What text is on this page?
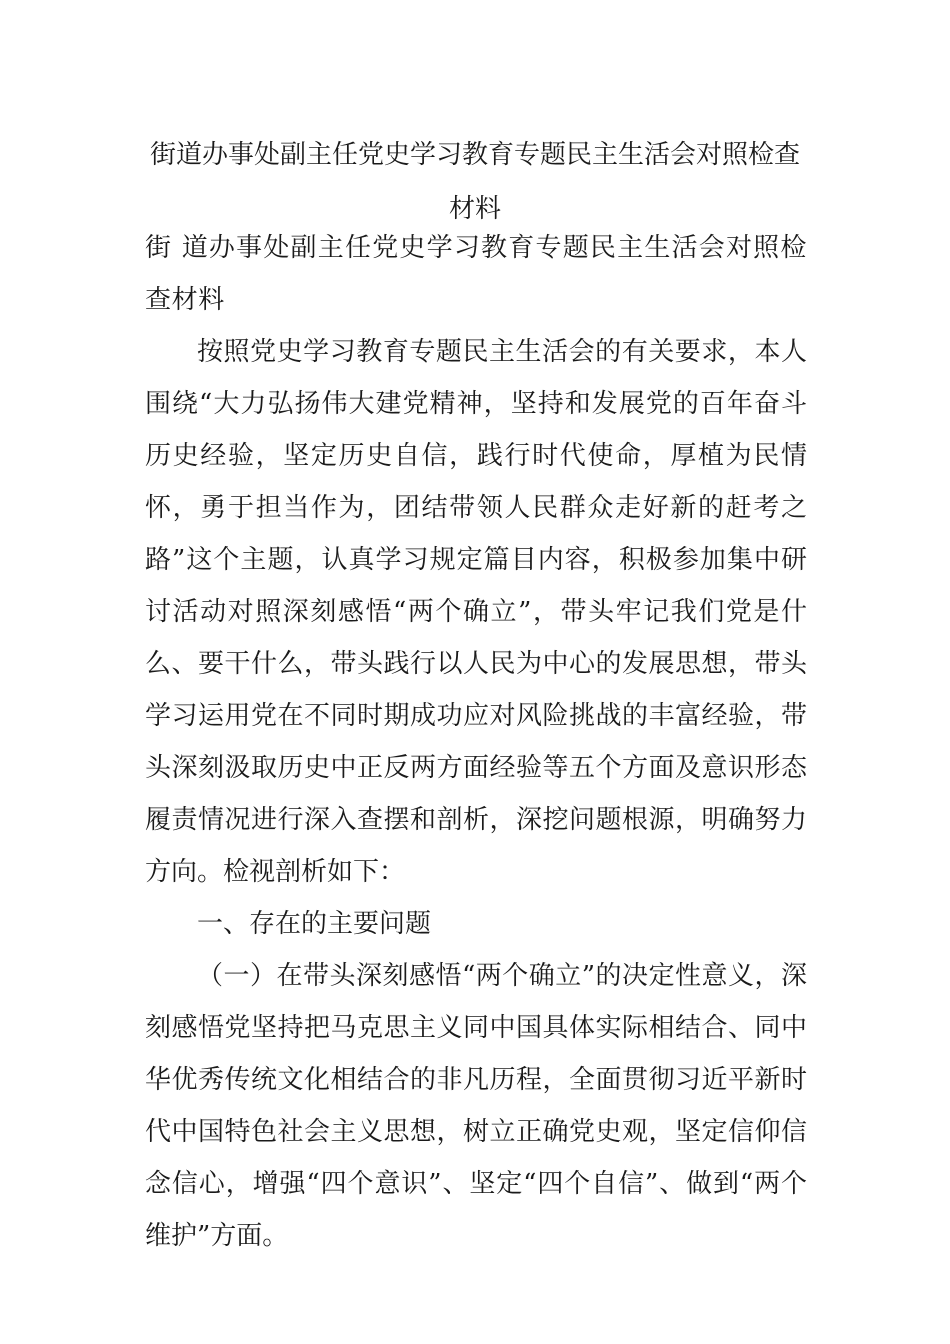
街道办事处副主任党史学习教育专题民主生活会对照检查
材料

街 道办事处副主任党史学习教育专题民主生活会对照检查材料

按照党史学习教育专题民主生活会的有关要求，本人围绕“大力弘扬伟大建党精神，坚持和发展党的百年奋斗历史经验，坚定历史自信，践行时代使命，厚植为民情怀，勇于担当作为，团结带领人民群众走好新的赶考之路”这个主题，认真学习规定篇目内容，积极参加集中研讨活动对照深刻感悟“两个确立”，带头牢记我们党是什么、要干什么，带头践行以人民为中心的发展思想，带头学习运用党在不同时期成功应对风险挑战的丰富经验，带头深刻汲取历史中正反两方面经验等五个方面及意识形态履责情况进行深入查摆和剖析，深挖问题根源，明确努力方向。检视剖析如下：

一、存在的主要问题

（一）在带头深刻感悟“两个确立”的决定性意义，深刻感悟党坚持把马克思主义同中国具体实际相结合、同中华优秀传统文化相结合的非凡历程，全面贯彻习近平新时代中国特色社会主义思想，树立正确党史观，坚定信仰信念信心，增强“四个意识”、坚定“四个自信”、做到“两个维护”方面。
